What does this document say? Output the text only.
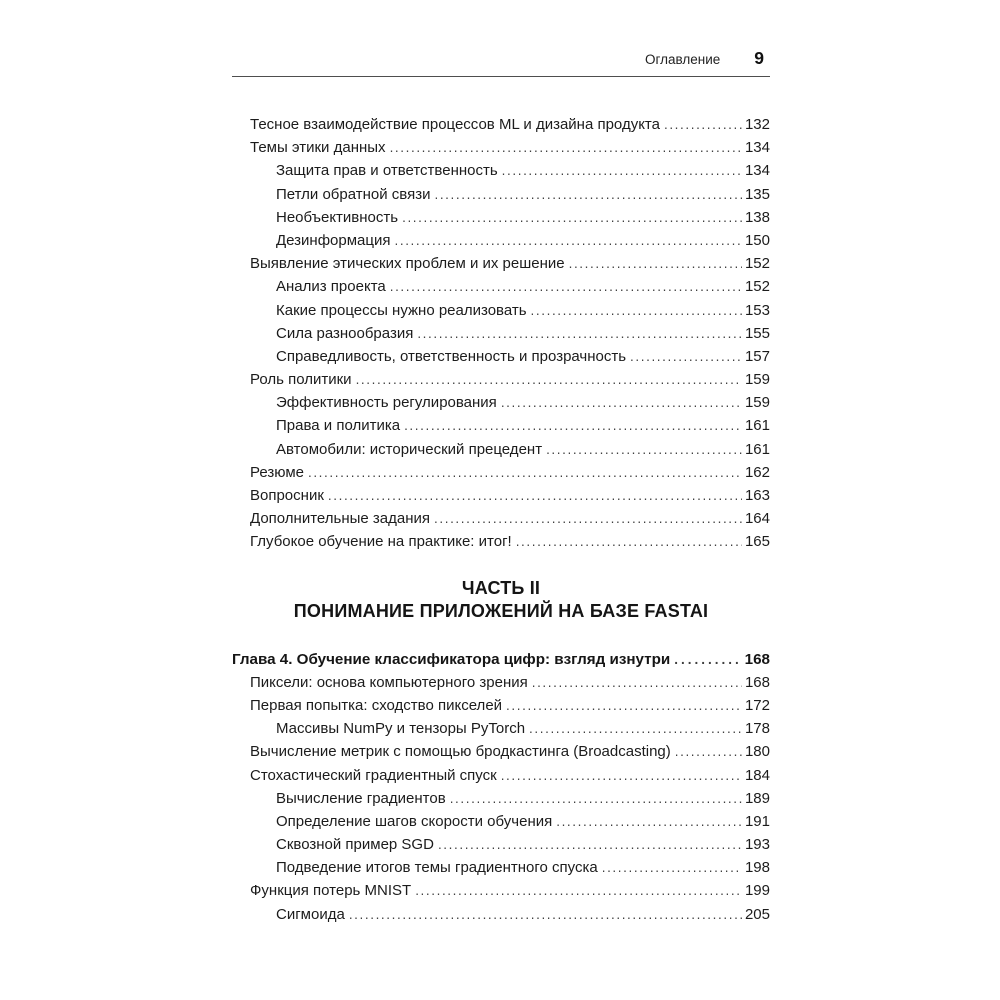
Оглавление 9
Тесное взаимодействие процессов ML и дизайна продукта .....	132
Темы этики данных .....	134
Защита прав и ответственность .....	134
Петли обратной связи .....	135
Необъективность .....	138
Дезинформация .....	150
Выявление этических проблем и их решение .....	152
Анализ проекта .....	152
Какие процессы нужно реализовать .....	153
Сила разнообразия .....	155
Справедливость, ответственность и прозрачность .....	157
Роль политики .....	159
Эффективность регулирования .....	159
Права и политика .....	161
Автомобили: исторический прецедент .....	161
Резюме .....	162
Вопросник .....	163
Дополнительные задания .....	164
Глубокое обучение на практике: итог! .....	165
ЧАСТЬ II
ПОНИМАНИЕ ПРИЛОЖЕНИЙ НА БАЗЕ FASTAI
Глава 4. Обучение классификатора цифр: взгляд изнутри .....	168
Пиксели: основа компьютерного зрения .....	168
Первая попытка: сходство пикселей .....	172
Массивы NumPy и тензоры PyTorch .....	178
Вычисление метрик с помощью бродкастинга (Broadcasting) .....	180
Стохастический градиентный спуск .....	184
Вычисление градиентов .....	189
Определение шагов скорости обучения .....	191
Сквозной пример SGD .....	193
Подведение итогов темы градиентного спуска .....	198
Функция потерь MNIST .....	199
Сигмоида .....	205
